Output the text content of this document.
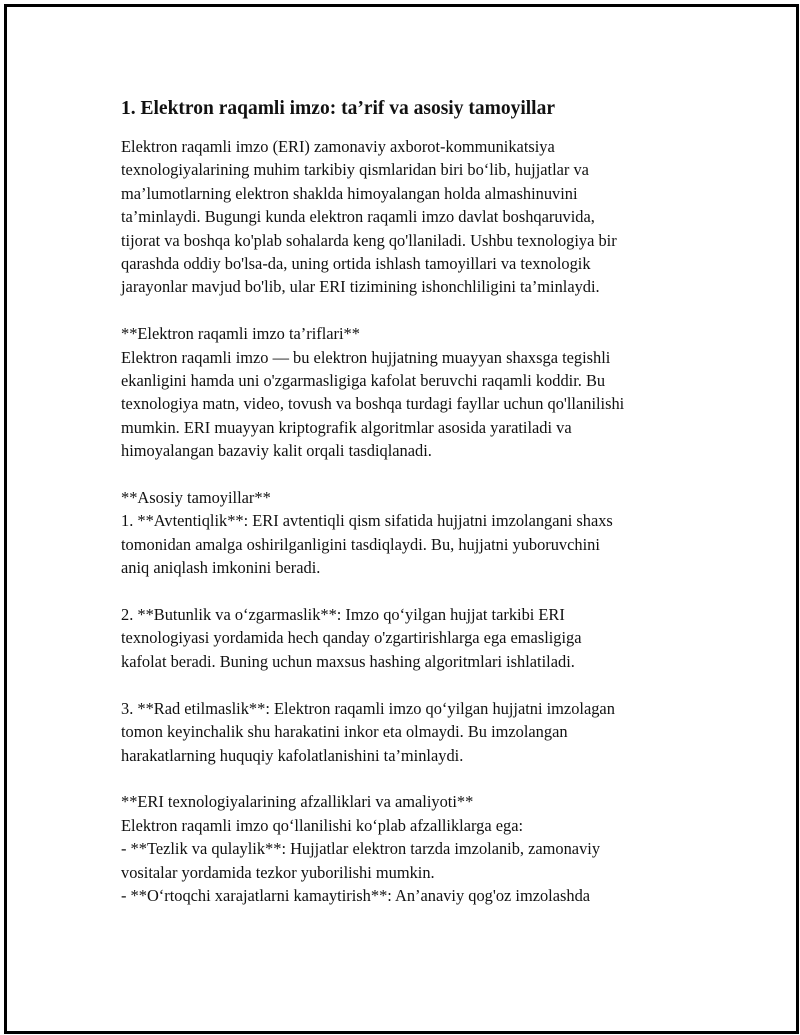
1. Elektron raqamli imzo: ta’rif va asosiy tamoyillar
Elektron raqamli imzo (ERI) zamonaviy axborot-kommunikatsiya
texnologiyalarining muhim tarkibiy qismlaridan biri boʻlib, hujjatlar va
ma’lumotlarning elektron shaklda himoyalangan holda almashinuvini
ta’minlaydi. Bugungi kunda elektron raqamli imzo davlat boshqaruvida,
tijorat va boshqa ko'plab sohalarda keng qo'llaniladi. Ushbu texnologiya bir
qarashda oddiy bo'lsa-da, uning ortida ishlash tamoyillari va texnologik
jarayonlar mavjud bo'lib, ular ERI tizimining ishonchliligini ta’minlaydi.
**Elektron raqamli imzo ta’riflari**
Elektron raqamli imzo — bu elektron hujjatning muayyan shaxsga tegishli
ekanligini hamda uni o'zgarmasligiga kafolat beruvchi raqamli koddir. Bu
texnologiya matn, video, tovush va boshqa turdagi fayllar uchun qo'llanilishi
mumkin. ERI muayyan kriptografik algoritmlar asosida yaratiladi va
himoyalangan bazaviy kalit orqali tasdiqlanadi.
**Asosiy tamoyillar**
1. **Avtentiqlik**: ERI avtentiqli qism sifatida hujjatni imzolangani shaxs
tomonidan amalga oshirilganligini tasdiqlaydi. Bu, hujjatni yuboruvchini
aniq aniqlash imkonini beradi.
2. **Butunlik va oʻzgarmaslik**: Imzo qoʻyilgan hujjat tarkibi ERI
texnologiyasi yordamida hech qanday o'zgartirishlarga ega emasligiga
kafolat beradi. Buning uchun maxsus hashing algoritmlari ishlatiladi.
3. **Rad etilmaslik**: Elektron raqamli imzo qoʻyilgan hujjatni imzolagan
tomon keyinchalik shu harakatini inkor eta olmaydi. Bu imzolangan
harakatlarning huquqiy kafolatlanishini ta’minlaydi.
**ERI texnologiyalarining afzalliklari va amaliyoti**
Elektron raqamli imzo qoʻllanilishi koʻplab afzalliklarga ega:
- **Tezlik va qulaylik**: Hujjatlar elektron tarzda imzolanib, zamonaviy
vositalar yordamida tezkor yuborilishi mumkin.
- **Oʻrtoqchi xarajatlarni kamaytirish**: An’anaviy qog'oz imzolashda
